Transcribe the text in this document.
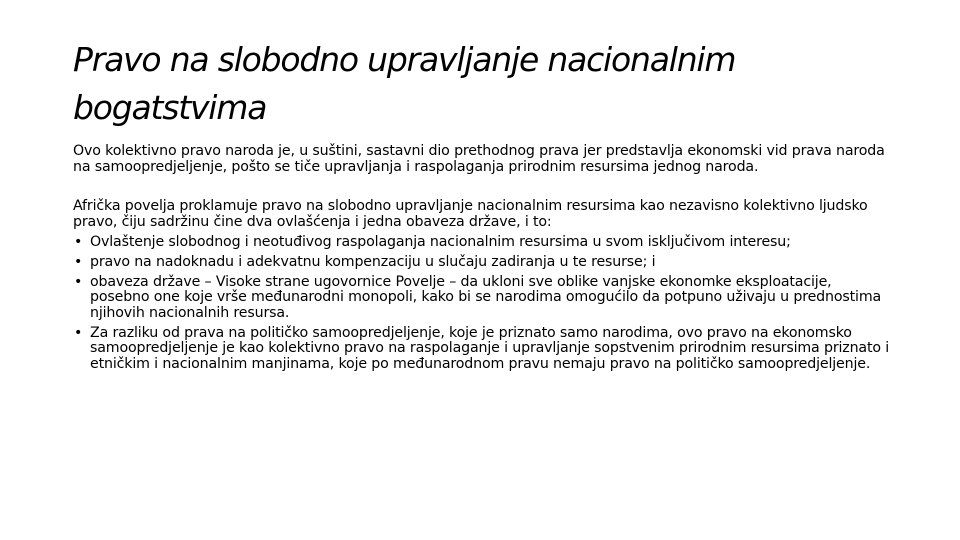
Pravo na slobodno upravljanje nacionalnim bogatstvima

Ovo kolektivno pravo naroda je, u suštini, sastavni dio prethodnog prava jer predstavlja ekonomski vid prava naroda na samoopredjeljenje, pošto se tiče upravljanja i raspolaganja prirodnim resursima jednog naroda.

Afrička povelja proklamuje pravo na slobodno upravljanje nacionalnim resursima kao nezavisno kolektivno ljudsko pravo, čiju sadržinu čine dva ovlašćenja i jedna obaveza države, i to:

• Ovlaštenje slobodnog i neotuđivog raspolaganja nacionalnim resursima u svom isključivom interesu;
• pravo na nadoknadu i adekvatnu kompenzaciju u slučaju zadiranja u te resurse; i
• obaveza države – Visoke strane ugovornice Povelje – da ukloni sve oblike vanjske ekonomke eksploatacije, posebno one koje vrše međunarodni monopoli, kako bi se narodima omogućilo da potpuno uživaju u prednostima njihovih nacionalnih resursa.
• Za razliku od prava na političko samoopredjeljenje, koje je priznato samo narodima, ovo pravo na ekonomsko samoopredjeljenje je kao kolektivno pravo na raspolaganje i upravljanje sopstvenim prirodnim resursima priznato i etničkim i nacionalnim manjinama, koje po međunarodnom pravu nemaju pravo na političko samoopredjeljenje.
